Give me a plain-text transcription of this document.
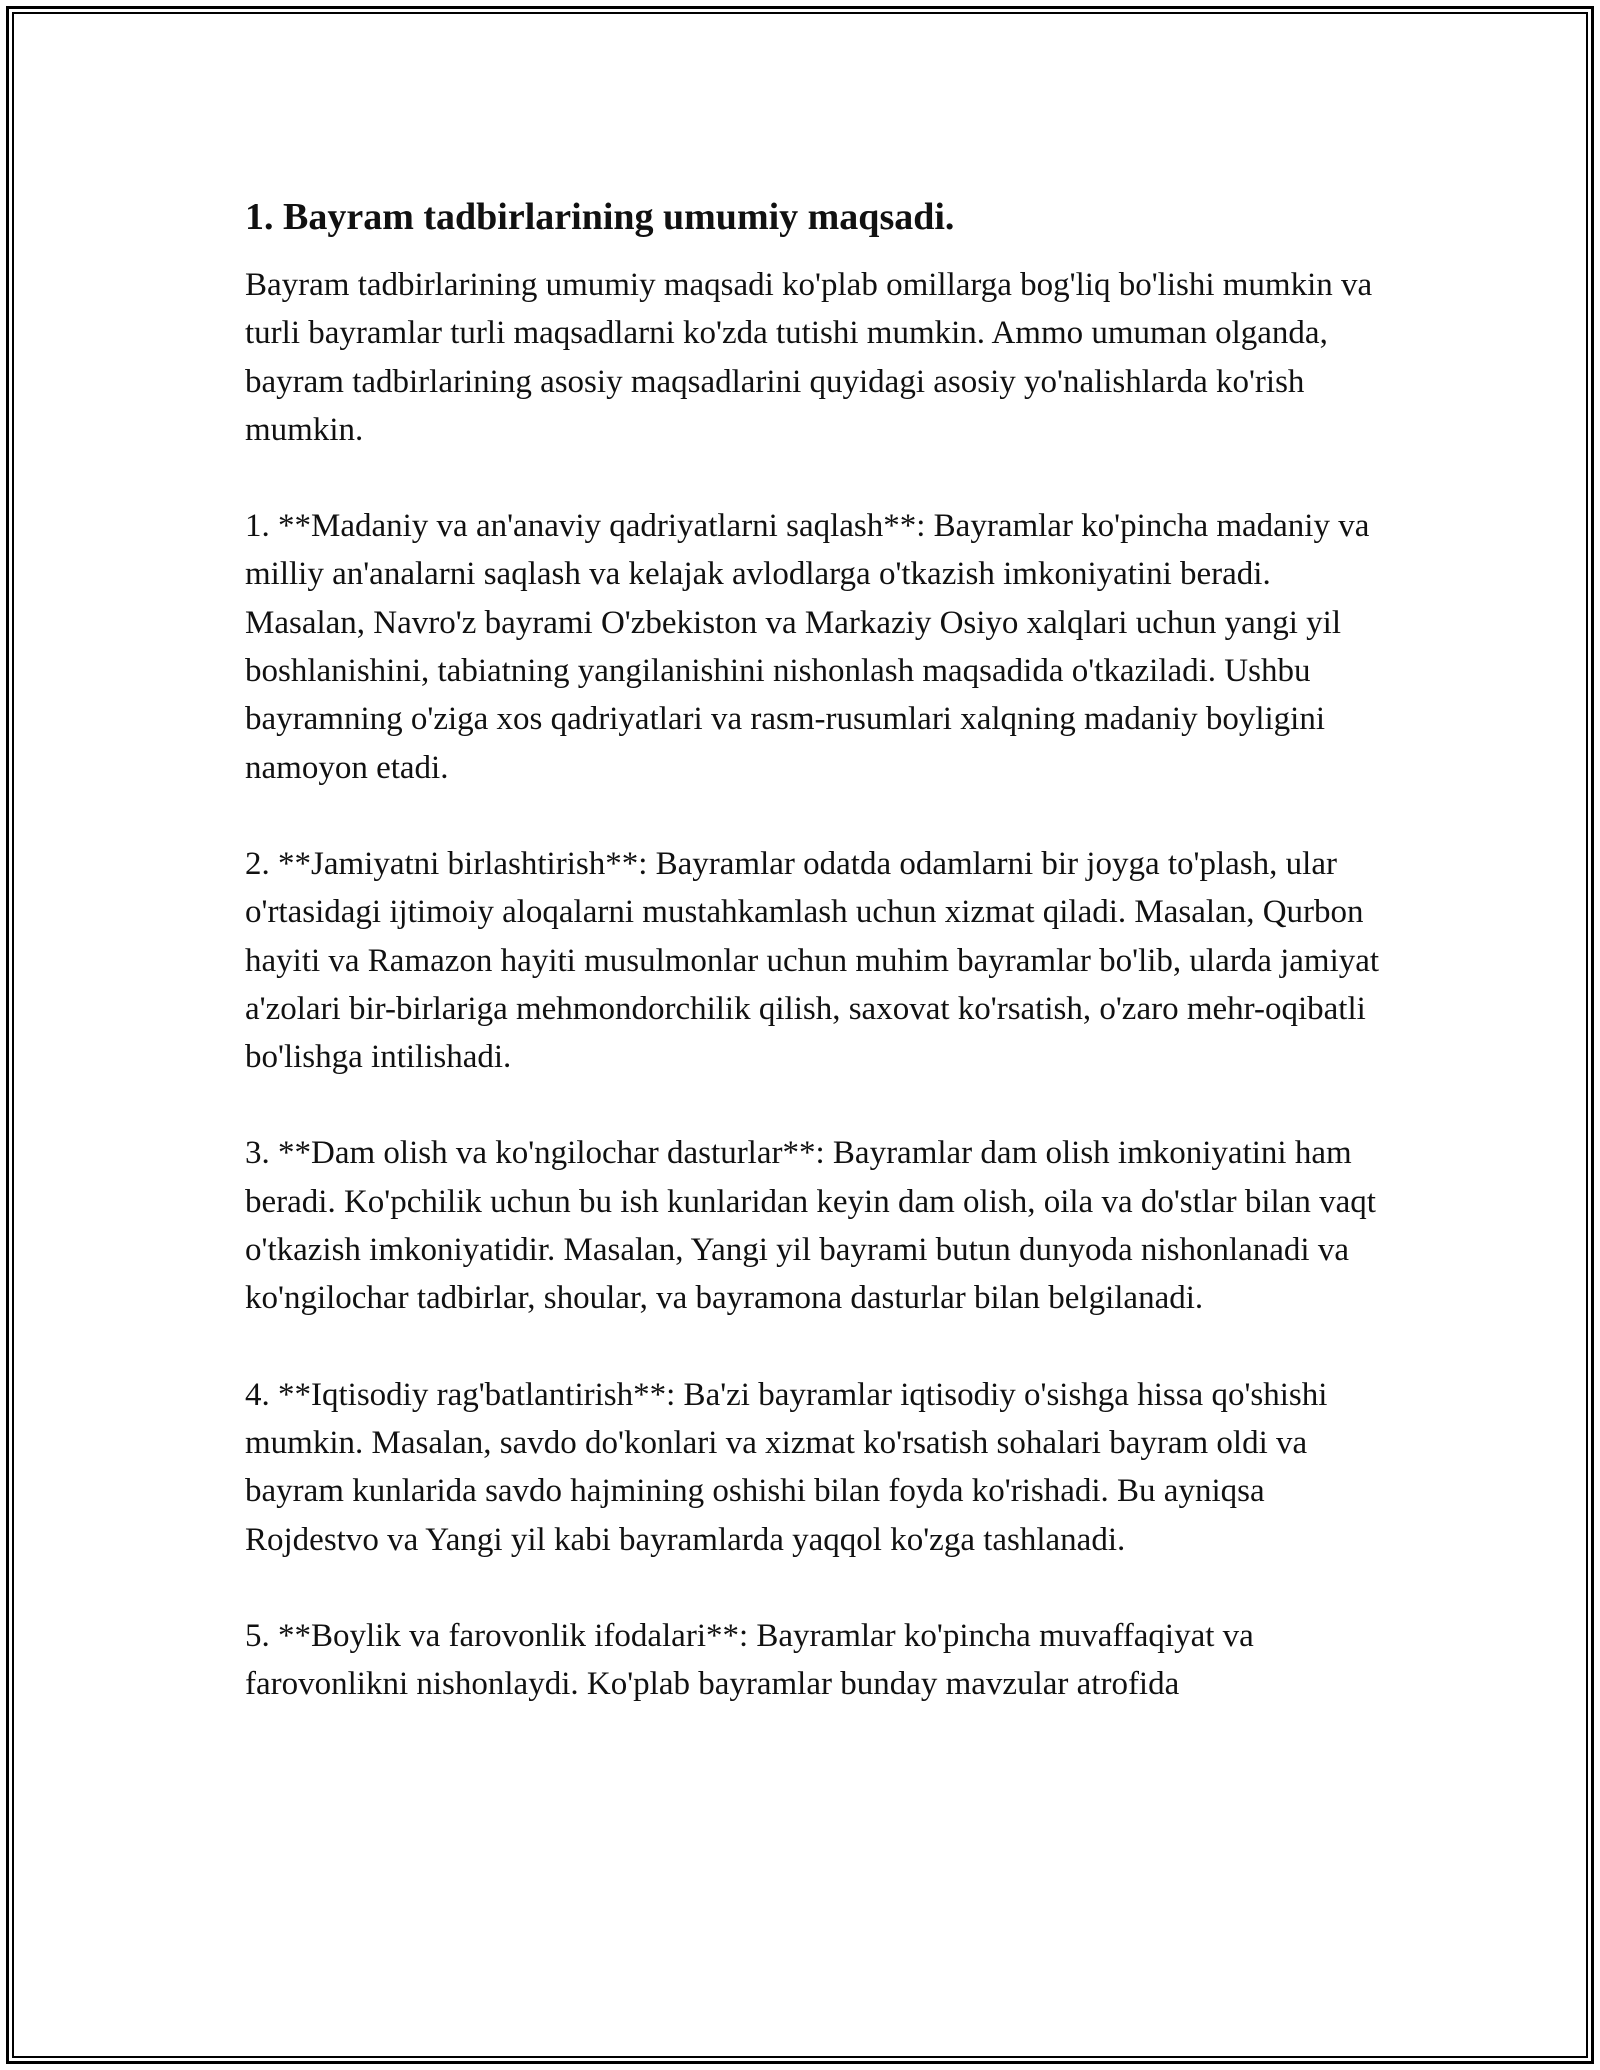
1. Bayram tadbirlarining umumiy maqsadi.

Bayram tadbirlarining umumiy maqsadi ko'plab omillarga bog'liq bo'lishi mumkin va turli bayramlar turli maqsadlarni ko'zda tutishi mumkin. Ammo umuman olganda, bayram tadbirlarining asosiy maqsadlarini quyidagi asosiy yo'nalishlarda ko'rish mumkin.

1. **Madaniy va an'anaviy qadriyatlarni saqlash**: Bayramlar ko'pincha madaniy va milliy an'analarni saqlash va kelajak avlodlarga o'tkazish imkoniyatini beradi. Masalan, Navro'z bayrami O'zbekiston va Markaziy Osiyo xalqlari uchun yangi yil boshlanishini, tabiatning yangilanishini nishonlash maqsadida o'tkaziladi. Ushbu bayramning o'ziga xos qadriyatlari va rasm-rusumlari xalqning madaniy boyligini namoyon etadi.

2. **Jamiyatni birlashtirish**: Bayramlar odatda odamlarni bir joyga to'plash, ular o'rtasidagi ijtimoiy aloqalarni mustahkamlash uchun xizmat qiladi. Masalan, Qurbon hayiti va Ramazon hayiti musulmonlar uchun muhim bayramlar bo'lib, ularda jamiyat a'zolari bir-birlariga mehmondorchilik qilish, saxovat ko'rsatish, o'zaro mehr-oqibatli bo'lishga intilishadi.

3. **Dam olish va ko'ngilochar dasturlar**: Bayramlar dam olish imkoniyatini ham beradi. Ko'pchilik uchun bu ish kunlaridan keyin dam olish, oila va do'stlar bilan vaqt o'tkazish imkoniyatidir. Masalan, Yangi yil bayrami butun dunyoda nishonlanadi va ko'ngilochar tadbirlar, shoular, va bayramona dasturlar bilan belgilanadi.

4. **Iqtisodiy rag'batlantirish**: Ba'zi bayramlar iqtisodiy o'sishga hissa qo'shishi mumkin. Masalan, savdo do'konlari va xizmat ko'rsatish sohalari bayram oldi va bayram kunlarida savdo hajmining oshishi bilan foyda ko'rishadi. Bu ayniqsa Rojdestvo va Yangi yil kabi bayramlarda yaqqol ko'zga tashlanadi.

5. **Boylik va farovonlik ifodalari**: Bayramlar ko'pincha muvaffaqiyat va farovonlikni nishonlaydi. Ko'plab bayramlar bunday mavzular atrofida
